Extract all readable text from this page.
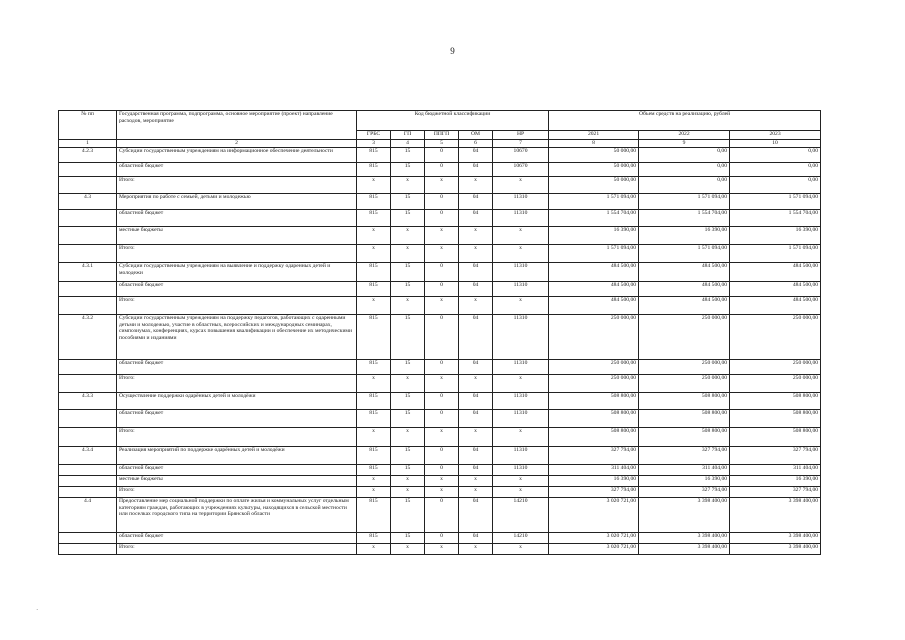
9
№ пп	Государственная программа, подпрограмма, основное мероприятие (проект) направление расходов, мероприятие	Код бюджетной классификации					Объем средств на реализацию, рублей		
		ГРБС	ГП	ППГП	ОМ	НР	2021	2022	2023
1	2	3	4	5	6	7	8	9	10
4.2.3	Субсидии государственным учреждениям на информационное обеспечение деятельности	815	15	0	04	10670	50 000,00	0,00	0,00
	областной бюджет	815	15	0	04	10670	50 000,00	0,00	0,00
	Итого:	х	х	х	х	х	50 000,00	0,00	0,00
4.3	Мероприятия по работе с семьей, детьми и молодежью	815	15	0	04	11310	1 571 094,00	1 571 094,00	1 571 094,00
	областной бюджет	815	15	0	04	11310	1 554 704,00	1 554 704,00	1 554 704,00
	местные бюджеты	х	х	х	х	х	16 390,00	16 390,00	16 390,00
	Итого:	х	х	х	х	х	1 571 094,00	1 571 094,00	1 571 094,00
4.3.1	Субсидии государственным учреждениям на выявление и поддержку одаренных детей и молодежи	815	15	0	04	11310	484 500,00	484 500,00	484 500,00
	областной бюджет	815	15	0	04	11310	484 500,00	484 500,00	484 500,00
	Итого:	х	х	х	х	х	484 500,00	484 500,00	484 500,00
4.3.2	Субсидии государственным учреждениям на поддержку педагогов, работающих с одаренными детьми и молодежью, участие в областных, всероссийских и международных семинарах, симпозиумах, конференциях, курсах повышения квалификации и обеспечение их методическими пособиями и изданиями	815	15	0	04	11310	250 000,00	250 000,00	250 000,00
	областной бюджет	815	15	0	04	11310	250 000,00	250 000,00	250 000,00
	Итого:	х	х	х	х	х	250 000,00	250 000,00	250 000,00
4.3.3	Осуществление поддержки одарённых детей и молодёжи	815	15	0	04	11310	508 800,00	508 800,00	508 800,00
	областной бюджет	815	15	0	04	11310	508 800,00	508 800,00	508 800,00
	Итого:	х	х	х	х	х	508 800,00	508 800,00	508 800,00
4.3.4	Реализация мероприятий по поддержке одарённых детей и молодёжи	815	15	0	04	11310	327 794,00	327 794,00	327 794,00
	областной бюджет	815	15	0	04	11310	311 404,00	311 404,00	311 404,00
	местные бюджеты	х	х	х	х	х	16 390,00	16 390,00	16 390,00
	Итого:	х	х	х	х	х	327 794,00	327 794,00	327 794,00
4.4	Предоставление мер социальной поддержки по оплате жилья и коммунальных услуг отдельным категориям граждан, работающих в учреждениях культуры, находящихся в сельской местности или поселках городского типа на территории Брянской области	815	15	0	04	14210	3 020 721,00	3 398 400,00	3 398 400,00
	областной бюджет	815	15	0	04	14210	3 020 721,00	3 398 400,00	3 398 400,00
	Итого:	х	х	х	х	х	3 020 721,00	3 398 400,00	3 398 400,00
·
